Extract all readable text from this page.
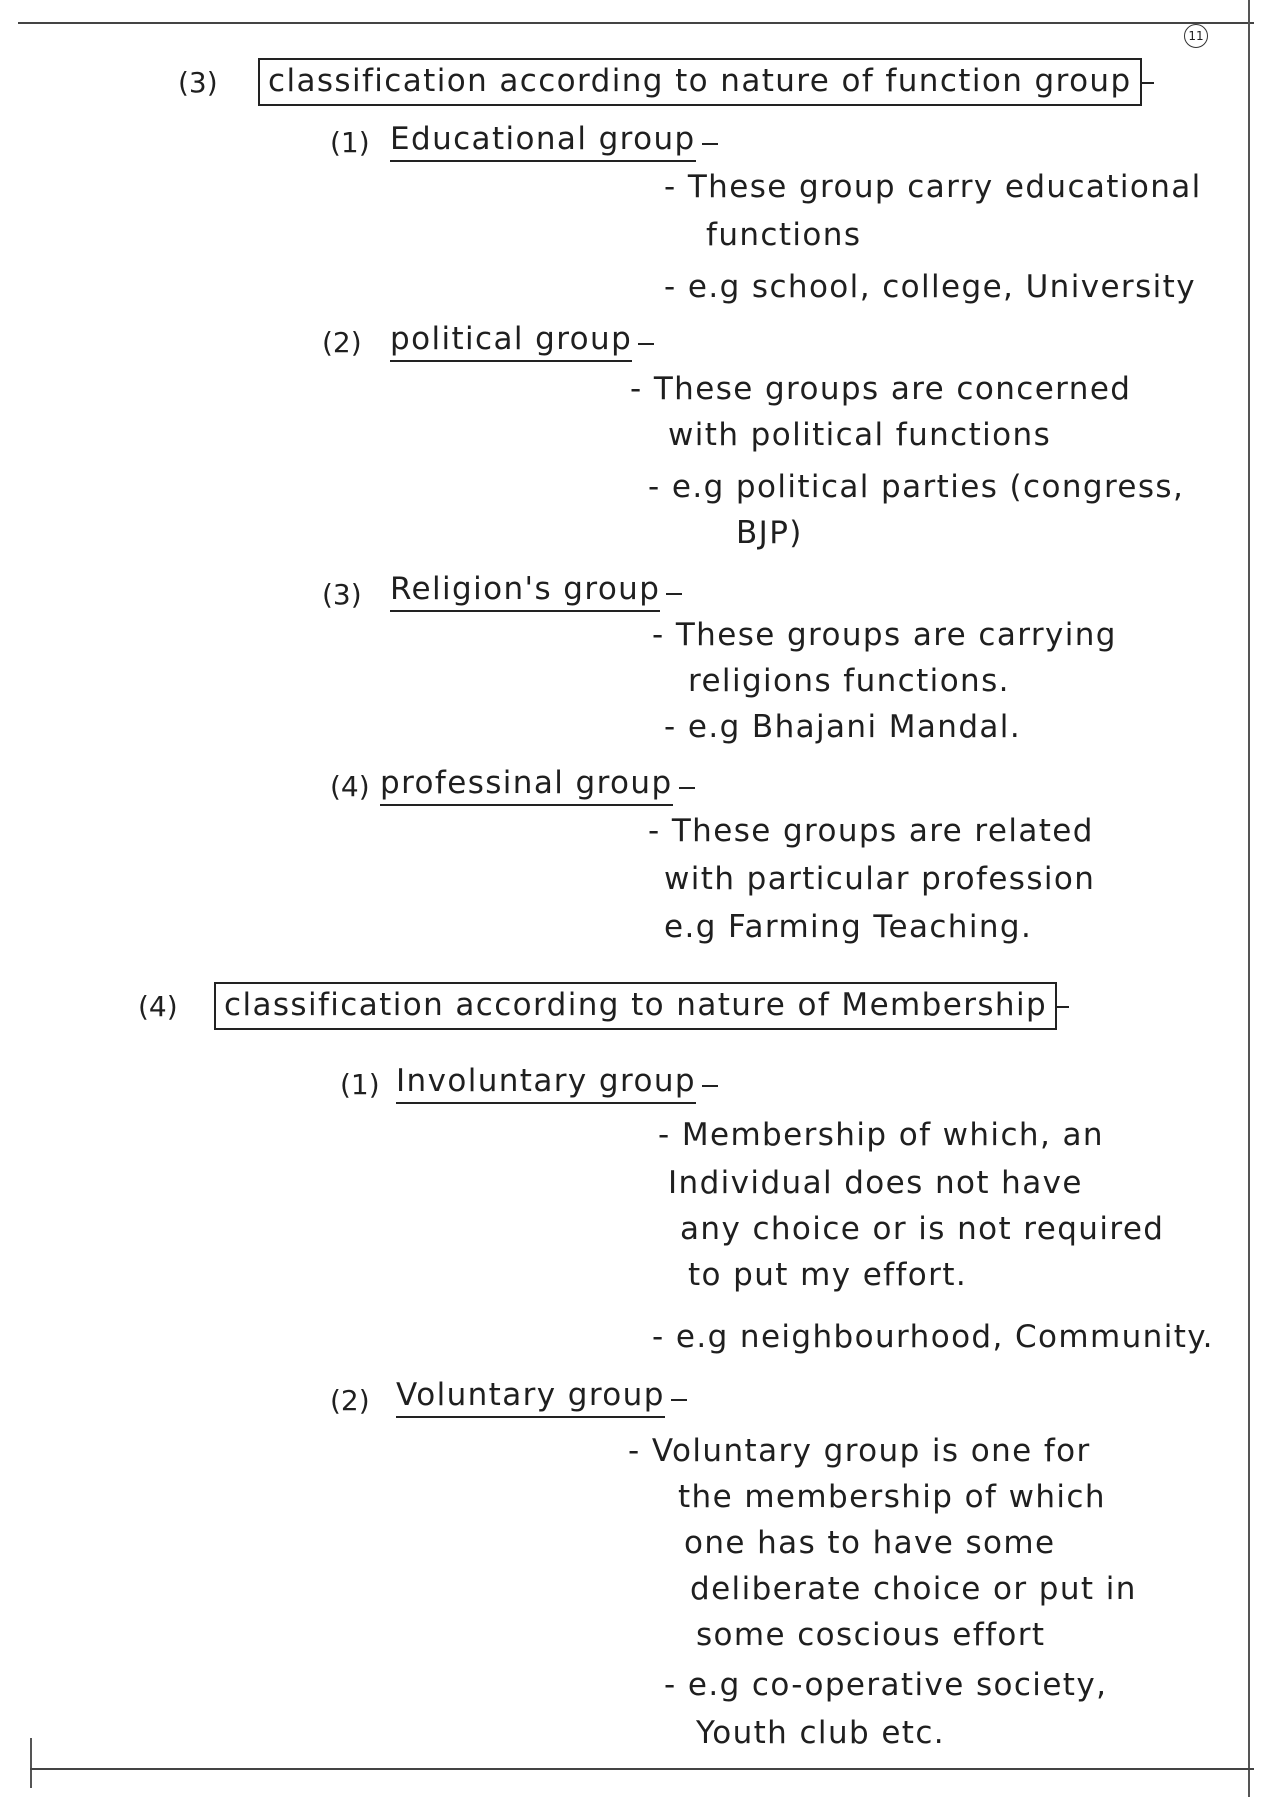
11
(3)	classification according to nature of function group
(1) Educational group
- These group carry educational
functions
- e.g school, college, University
(2) political group
- These groups are concerned
with political functions
- e.g political parties (congress,
BJP)
(3) Religion's group
- These groups are carrying
religions functions.
- e.g Bhajani Mandal.
(4) professinal group
- These groups are related
with particular profession
e.g Farming Teaching.
(4)	classification according to nature of Membership
(1) Involuntary group
- Membership of which, an
Individual does not have
any choice or is not required
to put my effort.
- e.g neighbourhood, Community.
(2) Voluntary group
- Voluntary group is one for
the membership of which
one has to have some
deliberate choice or put in
some coscious effort
- e.g co-operative society,
Youth club etc.
